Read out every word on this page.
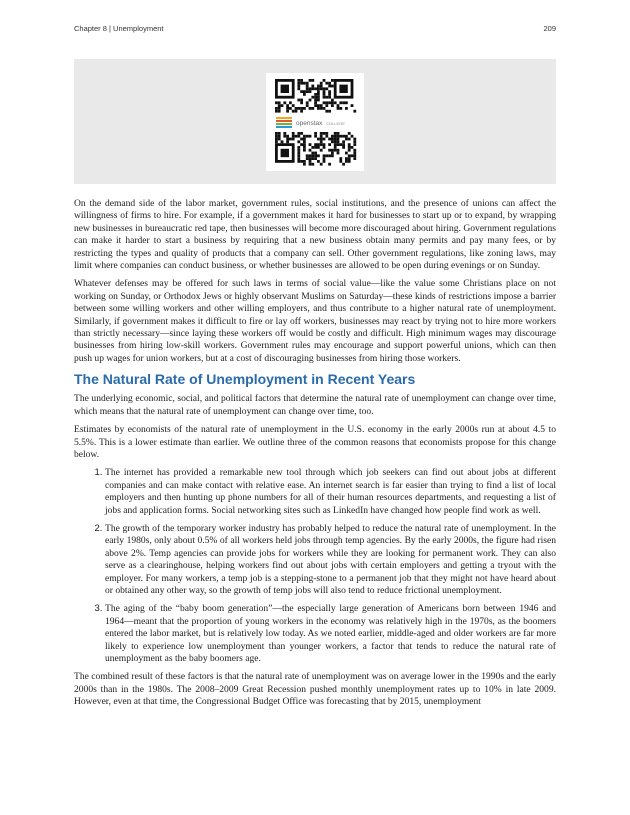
Chapter 8 | Unemployment	209
openstax COLLEGE

On the demand side of the labor market, government rules, social institutions, and the presence of unions can affect the willingness of firms to hire. For example, if a government makes it hard for businesses to start up or to expand, by wrapping new businesses in bureaucratic red tape, then businesses will become more discouraged about hiring. Government regulations can make it harder to start a business by requiring that a new business obtain many permits and pay many fees, or by restricting the types and quality of products that a company can sell. Other government regulations, like zoning laws, may limit where companies can conduct business, or whether businesses are allowed to be open during evenings or on Sunday.

Whatever defenses may be offered for such laws in terms of social value—like the value some Christians place on not working on Sunday, or Orthodox Jews or highly observant Muslims on Saturday—these kinds of restrictions impose a barrier between some willing workers and other willing employers, and thus contribute to a higher natural rate of unemployment. Similarly, if government makes it difficult to fire or lay off workers, businesses may react by trying not to hire more workers than strictly necessary—since laying these workers off would be costly and difficult. High minimum wages may discourage businesses from hiring low-skill workers. Government rules may encourage and support powerful unions, which can then push up wages for union workers, but at a cost of discouraging businesses from hiring those workers.

The Natural Rate of Unemployment in Recent Years

The underlying economic, social, and political factors that determine the natural rate of unemployment can change over time, which means that the natural rate of unemployment can change over time, too.

Estimates by economists of the natural rate of unemployment in the U.S. economy in the early 2000s run at about 4.5 to 5.5%. This is a lower estimate than earlier. We outline three of the common reasons that economists propose for this change below.

1. The internet has provided a remarkable new tool through which job seekers can find out about jobs at different companies and can make contact with relative ease. An internet search is far easier than trying to find a list of local employers and then hunting up phone numbers for all of their human resources departments, and requesting a list of jobs and application forms. Social networking sites such as LinkedIn have changed how people find work as well.
2. The growth of the temporary worker industry has probably helped to reduce the natural rate of unemployment. In the early 1980s, only about 0.5% of all workers held jobs through temp agencies. By the early 2000s, the figure had risen above 2%. Temp agencies can provide jobs for workers while they are looking for permanent work. They can also serve as a clearinghouse, helping workers find out about jobs with certain employers and getting a tryout with the employer. For many workers, a temp job is a stepping-stone to a permanent job that they might not have heard about or obtained any other way, so the growth of temp jobs will also tend to reduce frictional unemployment.
3. The aging of the “baby boom generation”—the especially large generation of Americans born between 1946 and 1964—meant that the proportion of young workers in the economy was relatively high in the 1970s, as the boomers entered the labor market, but is relatively low today. As we noted earlier, middle-aged and older workers are far more likely to experience low unemployment than younger workers, a factor that tends to reduce the natural rate of unemployment as the baby boomers age.

The combined result of these factors is that the natural rate of unemployment was on average lower in the 1990s and the early 2000s than in the 1980s. The 2008–2009 Great Recession pushed monthly unemployment rates up to 10% in late 2009. However, even at that time, the Congressional Budget Office was forecasting that by 2015, unemployment
